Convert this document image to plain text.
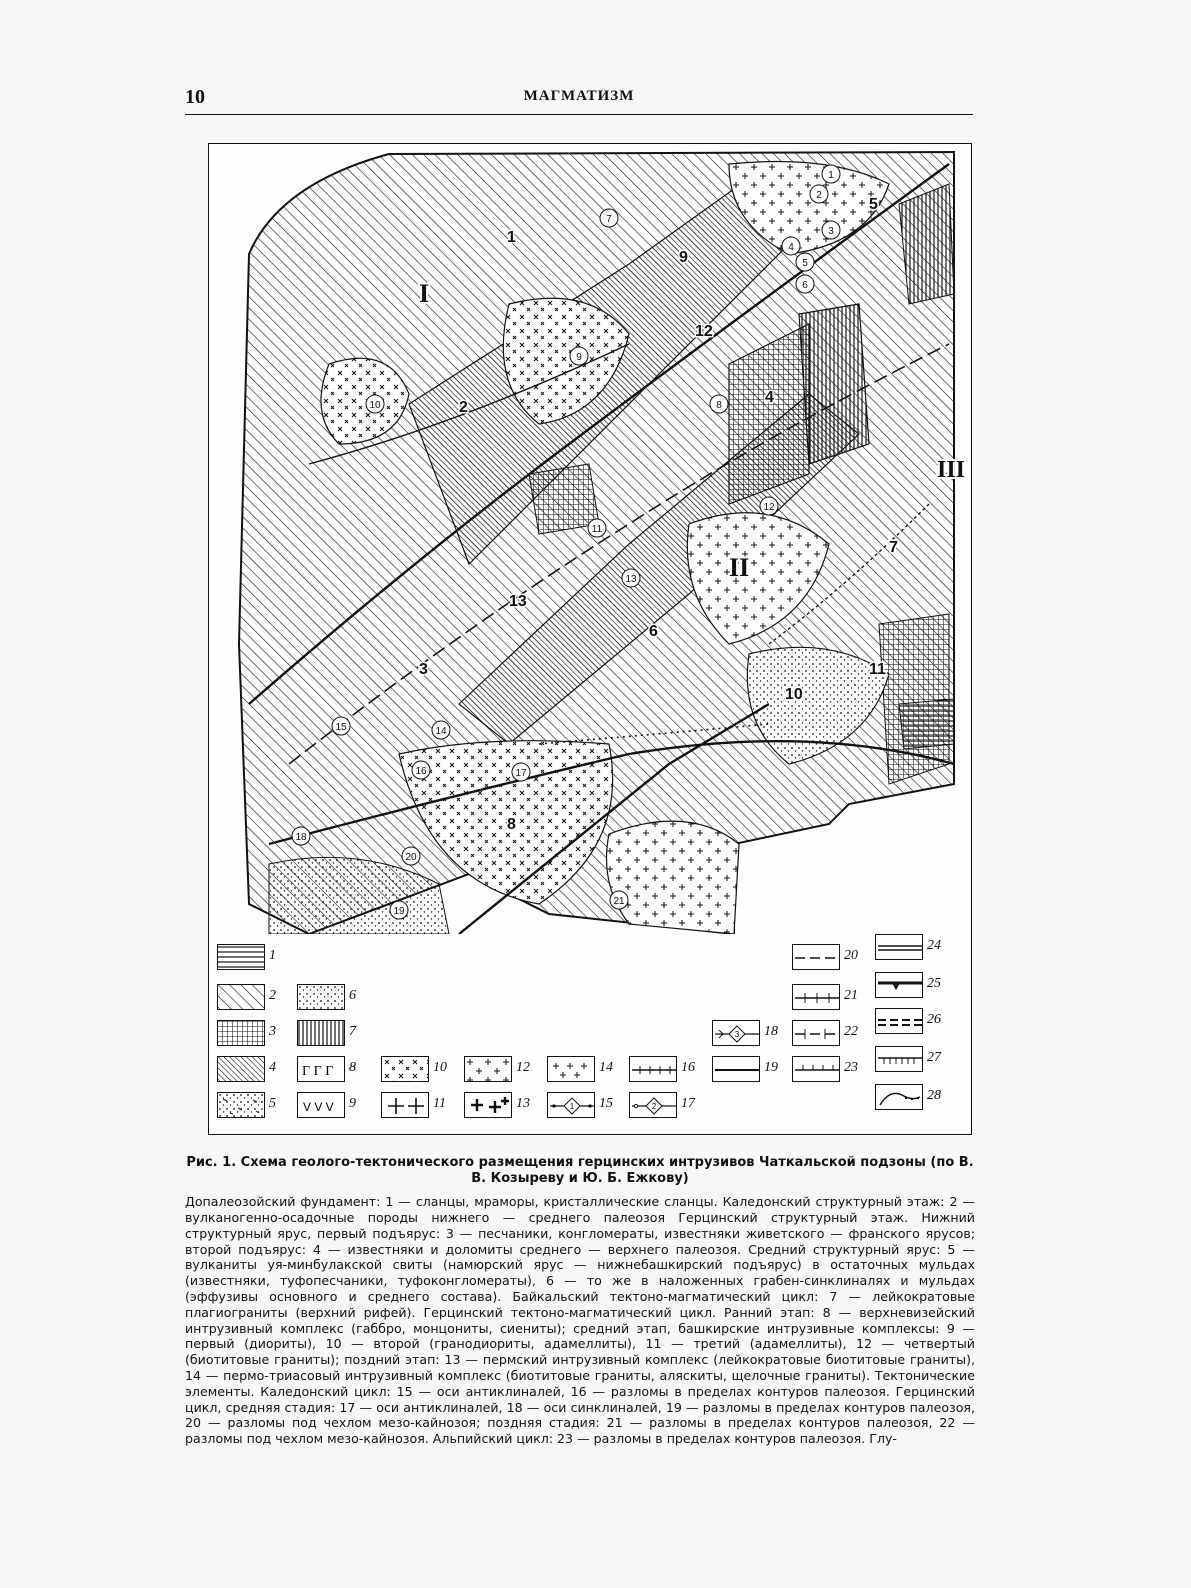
10	МАГМАТИЗМ
I
II
III
1
2
3
4
5
6
7
8
9
10
11
12
13
1
2
3
4
5
6
7
8
9
10
11
12
13
14
15
16	17
18
19
20
21
1
2
3
4
5
6
7
Г Г Г 8
V V V 9
10
11
12
13
14
1 15
16
2 17
3 18
19
20
21
22
23
24
25
26
27
28

Рис. 1. Схема геолого-тектонического размещения герцинских интрузивов Чаткальской подзоны (по В. В. Козыреву и Ю. Б. Ежкову)

Допалеозойский фундамент: 1 — сланцы, мраморы, кристаллические сланцы. Каледонский структурный этаж: 2 — вулканогенно-осадочные породы нижнего — среднего палеозоя Герцинский структурный этаж. Нижний структурный ярус, первый подъярус: 3 — песчаники, конгломераты, известняки живетского — франского ярусов; второй подъярус: 4 — известняки и доломиты среднего — верхнего палеозоя. Средний структурный ярус: 5 — вулканиты уя-минбулакской свиты (намюрский ярус — нижнебашкирский подъярус) в остаточных мульдах (известняки, туфопесчаники, туфоконгломераты), 6 — то же в наложенных грабен-синклиналях и мульдах (эффузивы основного и среднего состава). Байкальский тектоно-магматический цикл: 7 — лейкократовые плагиограниты (верхний рифей). Герцинский тектоно-магматический цикл. Ранний этап: 8 — верхневизейский интрузивный комплекс (габбро, монцониты, сиениты); средний этап, башкирские интрузивные комплексы: 9 — первый (диориты), 10 — второй (гранодиориты, адамеллиты), 11 — третий (адамеллиты), 12 — четвертый (биотитовые граниты); поздний этап: 13 — пермский интрузивный комплекс (лейкократовые биотитовые граниты), 14 — пермо-триасовый интрузивный комплекс (биотитовые граниты, аляскиты, щелочные граниты). Тектонические элементы. Каледонский цикл: 15 — оси антиклиналей, 16 — разломы в пределах контуров палеозоя. Герцинский цикл, средняя стадия: 17 — оси антиклиналей, 18 — оси синклиналей, 19 — разломы в пределах контуров палеозоя, 20 — разломы под чехлом мезо-кайнозоя; поздняя стадия: 21 — разломы в пределах контуров палеозоя, 22 — разломы под чехлом мезо-кайнозоя. Альпийский цикл: 23 — разломы в пределах контуров палеозоя. Глу-
